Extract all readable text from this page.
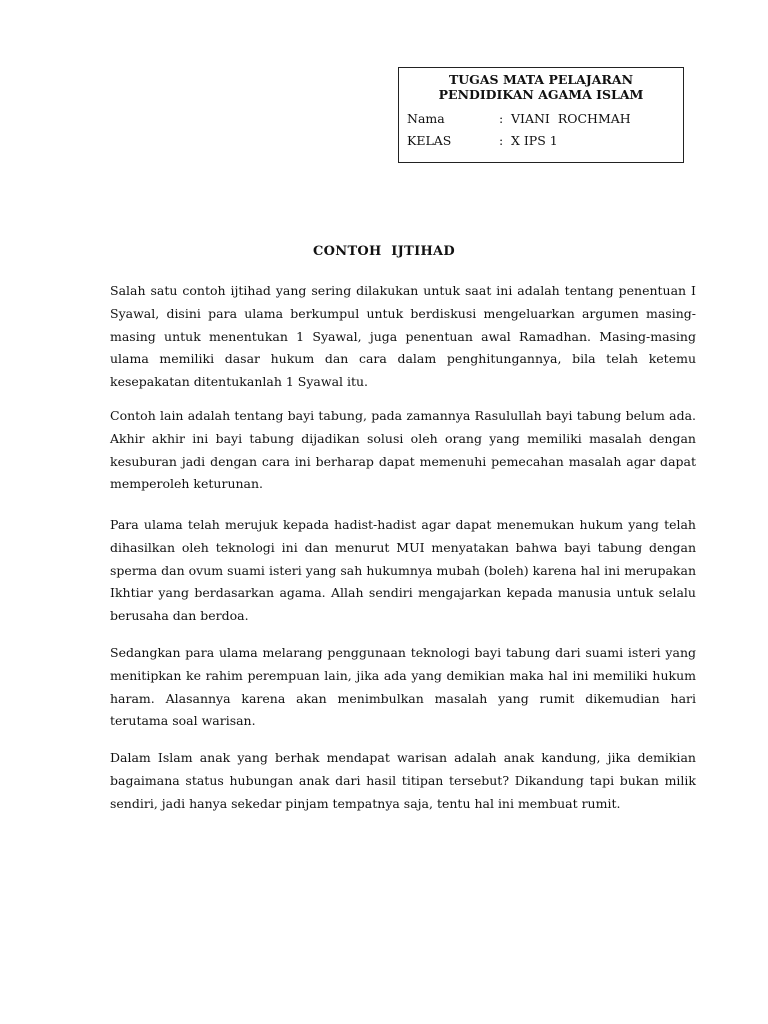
TUGAS MATA PELAJARAN
PENDIDIKAN AGAMA ISLAM
Nama	: VIANI  ROCHMAH
KELAS	: X IPS 1
CONTOH  IJTIHAD

Salah satu contoh ijtihad yang sering dilakukan untuk saat ini adalah tentang penentuan I Syawal, disini para ulama berkumpul untuk berdiskusi mengeluarkan argumen masing-masing untuk menentukan 1 Syawal, juga penentuan awal Ramadhan. Masing-masing ulama memiliki dasar hukum dan cara dalam penghitungannya, bila telah ketemu kesepakatan ditentukanlah 1 Syawal itu.

Contoh lain adalah tentang bayi tabung, pada zamannya Rasulullah bayi tabung belum ada. Akhir akhir ini bayi tabung dijadikan solusi oleh orang yang memiliki masalah dengan kesuburan jadi dengan cara ini berharap dapat memenuhi pemecahan masalah agar dapat memperoleh keturunan.

Para ulama telah merujuk kepada hadist-hadist agar dapat menemukan hukum yang telah dihasilkan oleh teknologi ini dan menurut MUI menyatakan bahwa bayi tabung dengan sperma dan ovum suami isteri yang sah hukumnya mubah (boleh) karena hal ini merupakan Ikhtiar yang berdasarkan agama. Allah sendiri mengajarkan kepada manusia untuk selalu berusaha dan berdoa.

Sedangkan para ulama melarang penggunaan teknologi bayi tabung dari suami isteri yang menitipkan ke rahim perempuan lain, jika ada yang demikian maka hal ini memiliki hukum haram. Alasannya karena akan menimbulkan masalah yang rumit dikemudian hari terutama soal warisan.

Dalam Islam anak yang berhak mendapat warisan adalah anak kandung, jika demikian bagaimana status hubungan anak dari hasil titipan tersebut? Dikandung tapi bukan milik sendiri, jadi hanya sekedar pinjam tempatnya saja, tentu hal ini membuat rumit.
